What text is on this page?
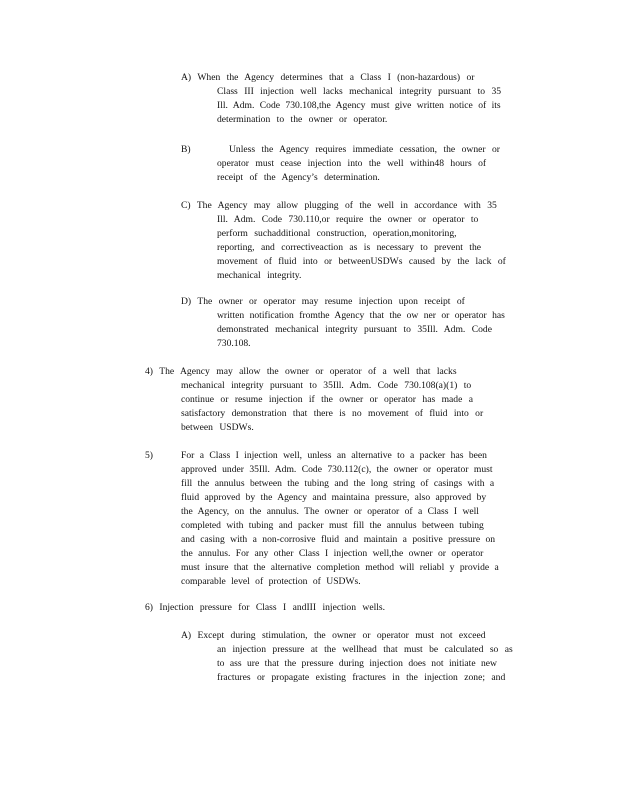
A) When the Agency determines that a Class I (non-hazardous) or
Class III injection well lacks mechanical integrity pursuant to 35
Ill. Adm. Code 730.108,the Agency must give written notice of its
determination to the owner or operator.
B)      Unless the Agency requires immediate cessation, the owner or
operator must cease injection into the well within48 hours of
receipt of the Agency’s determination.
C) The Agency may allow plugging of the well in accordance with 35
Ill. Adm. Code 730.110,or require the owner or operator to
perform suchadditional construction, operation,monitoring,
reporting, and correctiveaction as is necessary to prevent the
movement of fluid into or betweenUSDWs caused by the lack of
mechanical integrity.
D) The owner or operator may resume injection upon receipt of
written notification fromthe Agency that the ow ner or operator has
demonstrated mechanical integrity pursuant to 35Ill. Adm. Code
730.108.
4) The Agency may allow the owner or operator of a well that lacks
mechanical integrity pursuant to 35Ill. Adm. Code 730.108(a)(1) to
continue or resume injection if the owner or operator has made a
satisfactory demonstration that there is no movement of fluid into or
between USDWs.
5)	For a Class I injection well, unless an alternative to a packer has been
approved under 35Ill. Adm. Code 730.112(c), the owner or operator must
fill the annulus between the tubing and the long string of casings with a
fluid approved by the Agency and maintaina pressure, also approved by
the Agency, on the annulus. The owner or operator of a Class I well
completed with tubing and packer must fill the annulus between tubing
and casing with a non-corrosive fluid and maintain a positive pressure on
the annulus. For any other Class I injection well,the owner or operator
must insure that the alternative completion method will reliabl y provide a
comparable level of protection of USDWs.
6) Injection pressure for Class I andIII injection wells.
A) Except during stimulation, the owner or operator must not exceed
an injection pressure at the wellhead that must be calculated so as
to ass ure that the pressure during injection does not initiate new
fractures or propagate existing fractures in the injection zone; and
